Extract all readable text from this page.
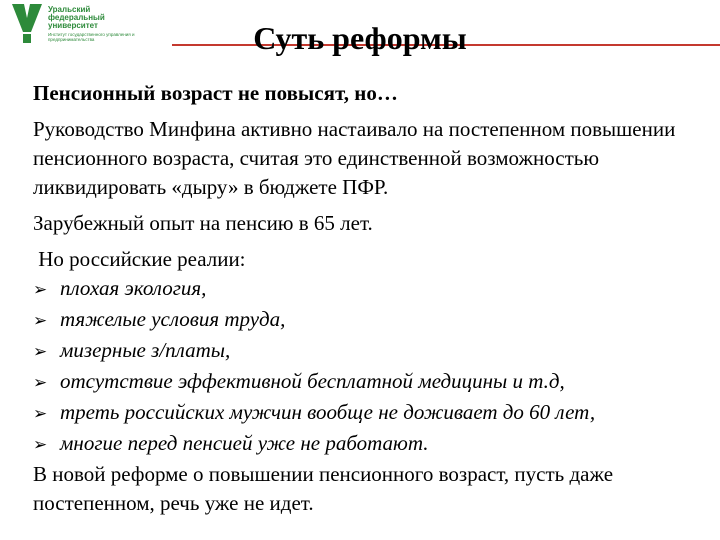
Уральский
федеральный
университет
Институт государственного управления и предпринимательства	Суть реформы

Пенсионный возраст не повысят, но…

Руководство Минфина активно настаивало на постепенном повышении пенсионного возраста, считая это единственной возможностью ликвидировать «дыру» в бюджете ПФР.

Зарубежный опыт на пенсию в 65 лет.

Но российские реалии:

➢ плохая экология,
➢ тяжелые условия труда,
➢ мизерные з/платы,
➢ отсутствие эффективной бесплатной медицины и т.д,
➢ треть российских мужчин вообще не доживает до 60 лет,
➢ многие перед пенсией уже не работают.

В новой реформе о повышении пенсионного возраст, пусть даже постепенном, речь уже не идет.
